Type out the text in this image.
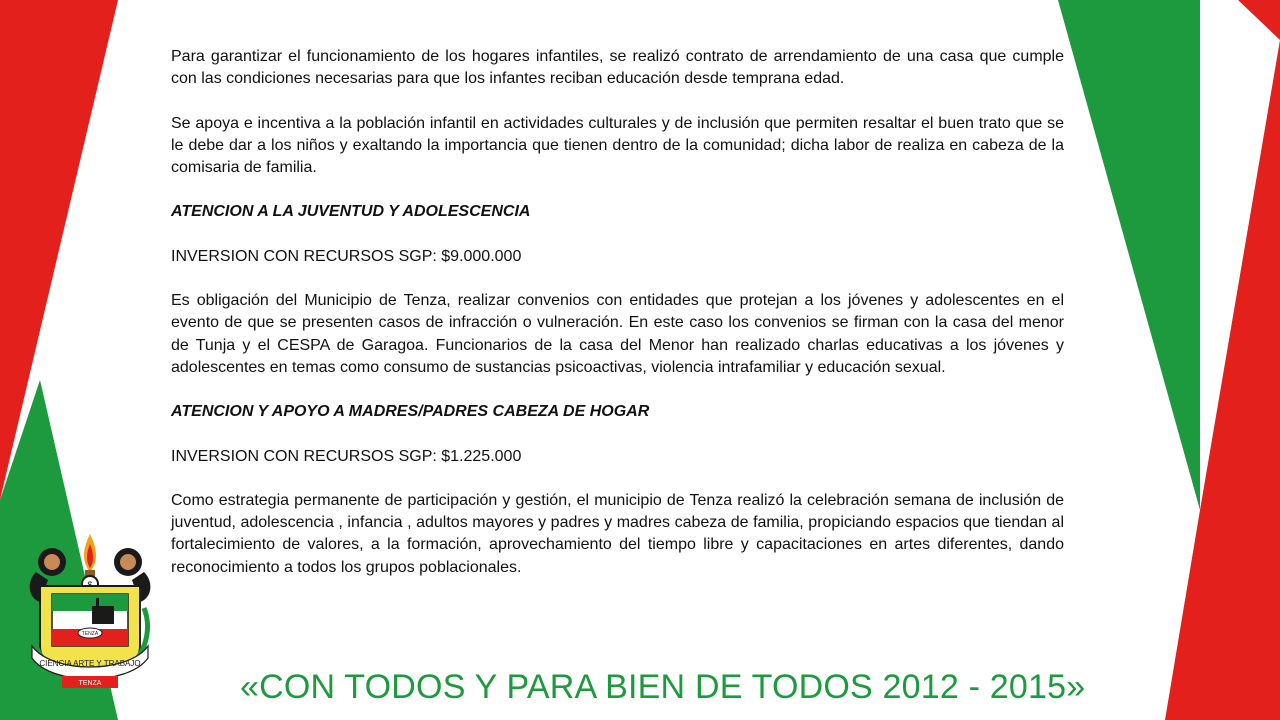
Para garantizar el funcionamiento de los hogares infantiles, se realizó contrato de arrendamiento de una casa que cumple con las condiciones necesarias para que los infantes reciban educación desde temprana edad.

Se apoya e incentiva a la población infantil en actividades culturales y de inclusión que permiten resaltar el buen trato que se le debe dar a los niños y exaltando la importancia que tienen dentro de la comunidad; dicha labor de realiza en cabeza de la comisaria de familia.

ATENCION A LA JUVENTUD Y ADOLESCENCIA

INVERSION CON RECURSOS SGP: $9.000.000

Es obligación del Municipio de Tenza, realizar convenios con entidades que protejan a los jóvenes y adolescentes en el evento de que se presenten casos de infracción o vulneración. En este caso los convenios se firman con la casa del menor de Tunja y el CESPA de Garagoa. Funcionarios de la casa del Menor han realizado charlas educativas a los jóvenes y adolescentes en temas como consumo de sustancias psicoactivas, violencia intrafamiliar y educación sexual.

ATENCION Y APOYO A MADRES/PADRES CABEZA DE HOGAR

INVERSION CON RECURSOS SGP: $1.225.000

Como estrategia permanente de participación y gestión, el municipio de Tenza realizó la celebración semana de inclusión de juventud, adolescencia , infancia , adultos mayores y padres y madres cabeza de familia, propiciando espacios que tiendan al fortalecimiento de valores, a la formación, aprovechamiento del tiempo libre y capacitaciones en artes diferentes, dando reconocimiento a todos los grupos poblacionales.

TENZA
CIENCIA ARTE Y TRABAJO
TENZA	«CON TODOS Y PARA BIEN DE TODOS 2012 - 2015»
